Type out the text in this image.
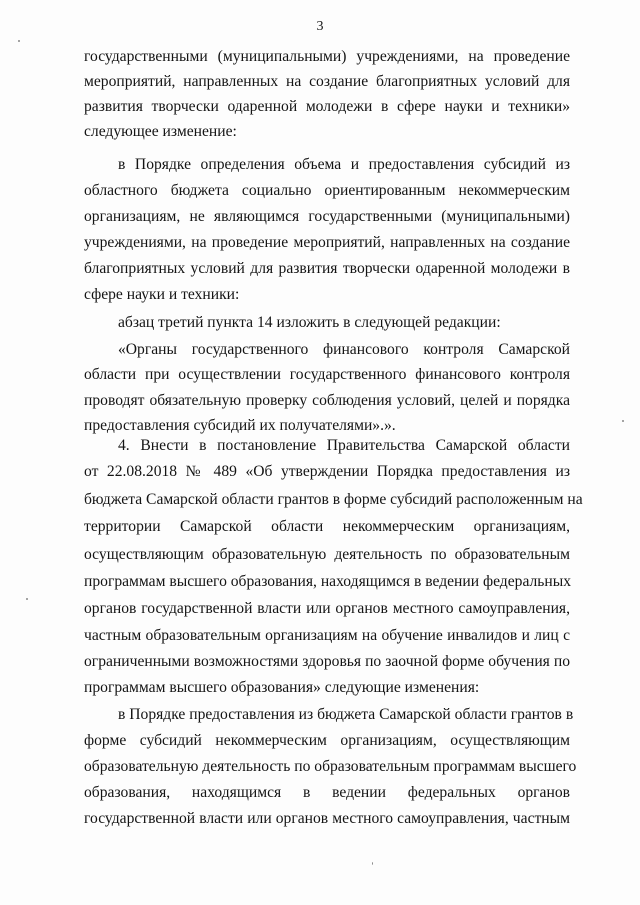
3
государственными (муниципальными) учреждениями, на проведение
мероприятий, направленных на создание благоприятных условий для
развития творчески одаренной молодежи в сфере науки и техники»
следующее изменение:
в Порядке определения объема и предоставления субсидий из
областного бюджета социально ориентированным некоммерческим
организациям, не являющимся государственными (муниципальными)
учреждениями, на проведение мероприятий, направленных на создание
благоприятных условий для развития творчески одаренной молодежи в
сфере науки и техники:
абзац третий пункта 14 изложить в следующей редакции:
«Органы государственного финансового контроля Самарской
области при осуществлении государственного финансового контроля
проводят обязательную проверку соблюдения условий, целей и порядка
предоставления субсидий их получателями».».
4. Внести в постановление Правительства Самарской области
от 22.08.2018 № 489 «Об утверждении Порядка предоставления из
бюджета Самарской области грантов в форме субсидий расположенным на
территории Самарской области некоммерческим организациям,
осуществляющим образовательную деятельность по образовательным
программам высшего образования, находящимся в ведении федеральных
органов государственной власти или органов местного самоуправления,
частным образовательным организациям на обучение инвалидов и лиц с
ограниченными возможностями здоровья по заочной форме обучения по
программам высшего образования» следующие изменения:
в Порядке предоставления из бюджета Самарской области грантов в
форме субсидий некоммерческим организациям, осуществляющим
образовательную деятельность по образовательным программам высшего
образования, находящимся в ведении федеральных органов
государственной власти или органов местного самоуправления, частным
